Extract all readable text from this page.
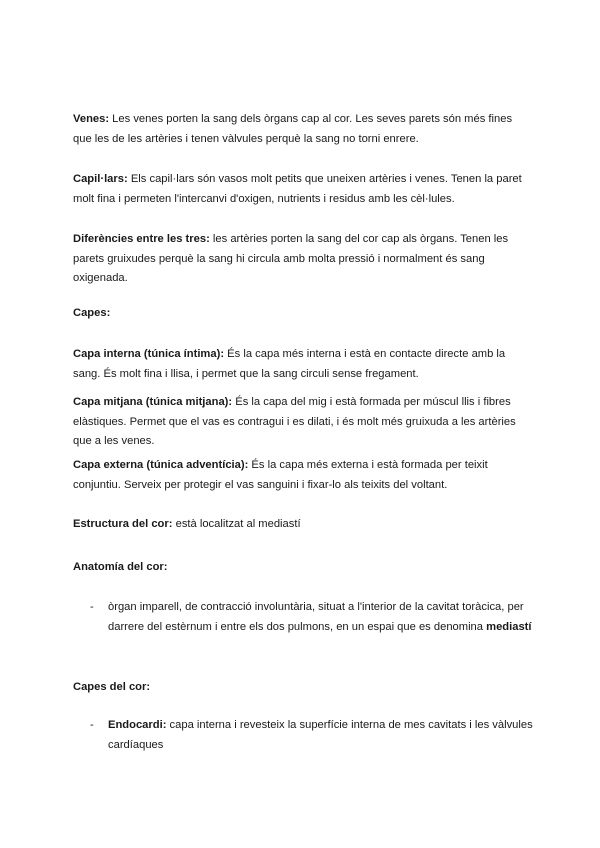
Venes: Les venes porten la sang dels òrgans cap al cor. Les seves parets són més fines que les de les artèries i tenen vàlvules perquè la sang no torni enrere.

Capil·lars: Els capil·lars són vasos molt petits que uneixen artèries i venes. Tenen la paret molt fina i permeten l'intercanvi d'oxigen, nutrients i residus amb les cèl·lules.

Diferències entre les tres: les artèries porten la sang del cor cap als òrgans. Tenen les parets gruixudes perquè la sang hi circula amb molta pressió i normalment és sang oxigenada.

Capes:

Capa interna (túnica íntima): És la capa més interna i està en contacte directe amb la sang. És molt fina i llisa, i permet que la sang circuli sense fregament.

Capa mitjana (túnica mitjana): És la capa del mig i està formada per múscul llis i fibres elàstiques. Permet que el vas es contragui i es dilati, i és molt més gruixuda a les artèries que a les venes.

Capa externa (túnica adventícia): És la capa més externa i està formada per teixit conjuntiu. Serveix per protegir el vas sanguini i fixar-lo als teixits del voltant.

Estructura del cor: està localitzat al mediastí

Anatomía del cor:

- òrgan imparell, de contracció involuntària, situat a l'interior de la cavitat toràcica, per darrere del estèrnum i entre els dos pulmons, en un espai que es denomina mediastí

Capes del cor:

- Endocardi: capa interna i revesteix la superfície interna de mes cavitats i les vàlvules cardíaques
